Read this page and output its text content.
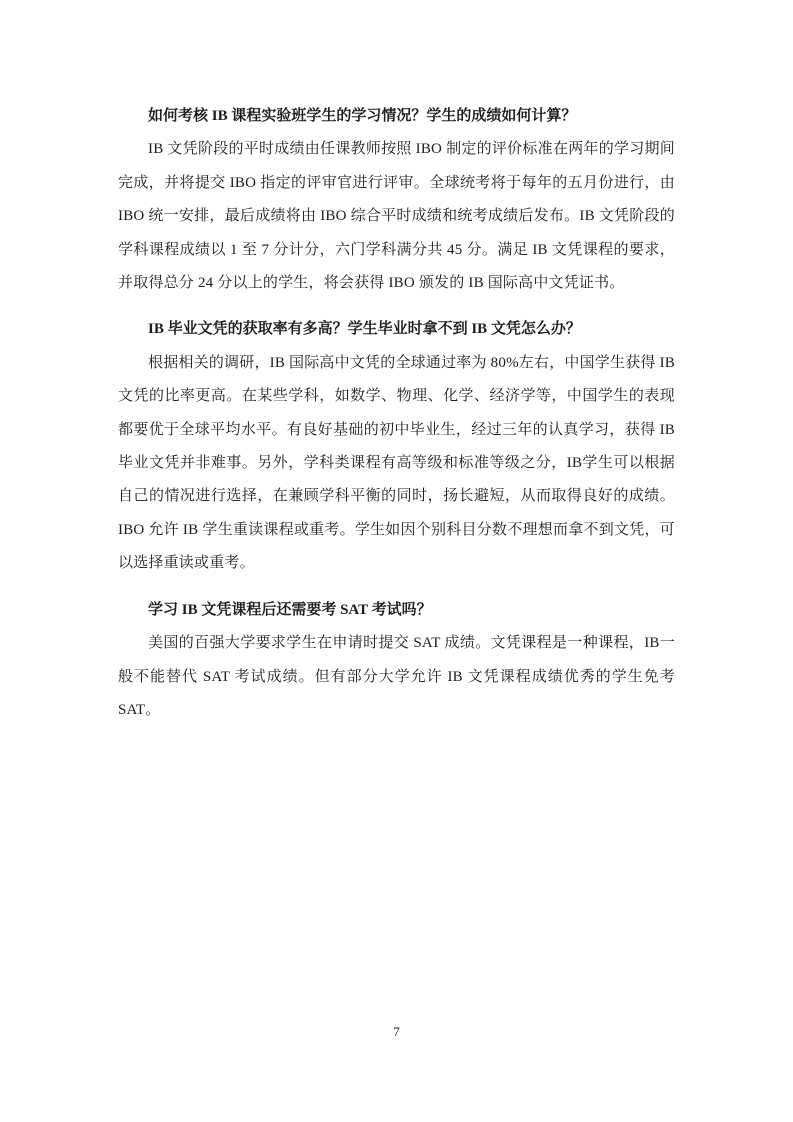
如何考核 IB 课程实验班学生的学习情况？学生的成绩如何计算？

IB 文凭阶段的平时成绩由任课教师按照 IBO 制定的评价标准在两年的学习期间完成，并将提交 IBO 指定的评审官进行评审。全球统考将于每年的五月份进行，由 IBO 统一安排，最后成绩将由 IBO 综合平时成绩和统考成绩后发布。IB 文凭阶段的学科课程成绩以 1 至 7 分计分，六门学科满分共 45 分。满足 IB 文凭课程的要求， 并取得总分 24 分以上的学生，将会获得 IBO 颁发的 IB 国际高中文凭证书。

IB 毕业文凭的获取率有多高？学生毕业时拿不到 IB 文凭怎么办？

根据相关的调研，IB 国际高中文凭的全球通过率为 80%左右，中国学生获得 IB 文凭的比率更高。在某些学科，如数学、物理、化学、经济学等，中国学生的表现都要优于全球平均水平。有良好基础的初中毕业生，经过三年的认真学习，获得 IB 毕业文凭并非难事。另外，学科类课程有高等级和标准等级之分，IB学生可以根据自己的情况进行选择，在兼顾学科平衡的同时，扬长避短，从而取得良好的成绩。IBO 允许 IB 学生重读课程或重考。学生如因个别科目分数不理想而拿不到文凭，可以选择重读或重考。

学习 IB 文凭课程后还需要考 SAT 考试吗？

美国的百强大学要求学生在申请时提交 SAT 成绩。文凭课程是一种课程，IB一般不能替代 SAT 考试成绩。但有部分大学允许 IB 文凭课程成绩优秀的学生免考 SAT。

7
